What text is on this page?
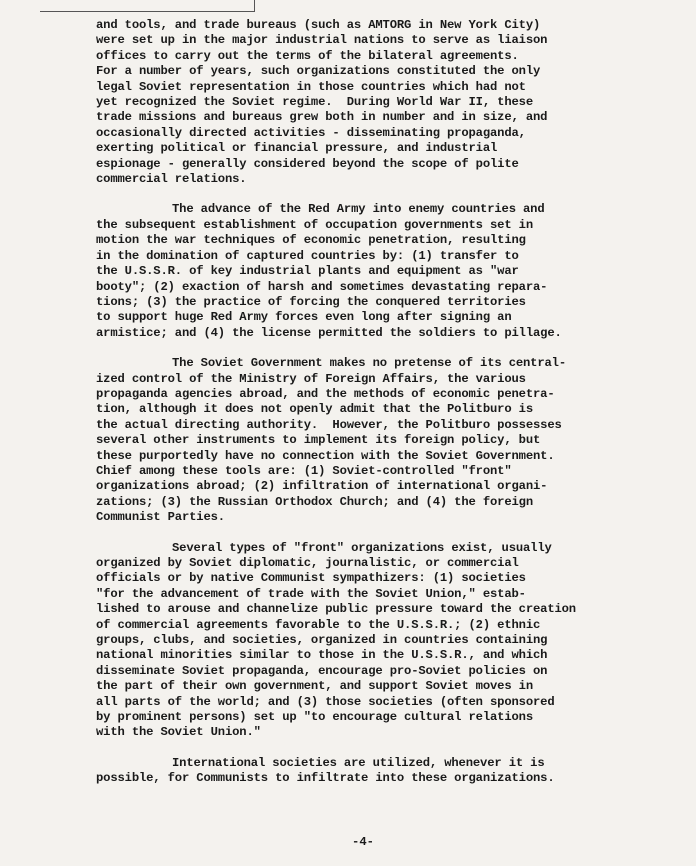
and tools, and trade bureaus (such as AMTORG in New York City)
were set up in the major industrial nations to serve as liaison
offices to carry out the terms of the bilateral agreements.
For a number of years, such organizations constituted the only
legal Soviet representation in those countries which had not
yet recognized the Soviet regime.  During World War II, these
trade missions and bureaus grew both in number and in size, and
occasionally directed activities - disseminating propaganda,
exerting political or financial pressure, and industrial
espionage - generally considered beyond the scope of polite
commercial relations.
The advance of the Red Army into enemy countries and
the subsequent establishment of occupation governments set in
motion the war techniques of economic penetration, resulting
in the domination of captured countries by: (1) transfer to
the U.S.S.R. of key industrial plants and equipment as "war
booty"; (2) exaction of harsh and sometimes devastating repara-
tions; (3) the practice of forcing the conquered territories
to support huge Red Army forces even long after signing an
armistice; and (4) the license permitted the soldiers to pillage.
The Soviet Government makes no pretense of its central-
ized control of the Ministry of Foreign Affairs, the various
propaganda agencies abroad, and the methods of economic penetra-
tion, although it does not openly admit that the Politburo is
the actual directing authority.  However, the Politburo possesses
several other instruments to implement its foreign policy, but
these purportedly have no connection with the Soviet Government.
Chief among these tools are: (1) Soviet-controlled "front"
organizations abroad; (2) infiltration of international organi-
zations; (3) the Russian Orthodox Church; and (4) the foreign
Communist Parties.
Several types of "front" organizations exist, usually
organized by Soviet diplomatic, journalistic, or commercial
officials or by native Communist sympathizers: (1) societies
"for the advancement of trade with the Soviet Union," estab-
lished to arouse and channelize public pressure toward the creation
of commercial agreements favorable to the U.S.S.R.; (2) ethnic
groups, clubs, and societies, organized in countries containing
national minorities similar to those in the U.S.S.R., and which
disseminate Soviet propaganda, encourage pro-Soviet policies on
the part of their own government, and support Soviet moves in
all parts of the world; and (3) those societies (often sponsored
by prominent persons) set up "to encourage cultural relations
with the Soviet Union."
International societies are utilized, whenever it is
possible, for Communists to infiltrate into these organizations.
-4-
